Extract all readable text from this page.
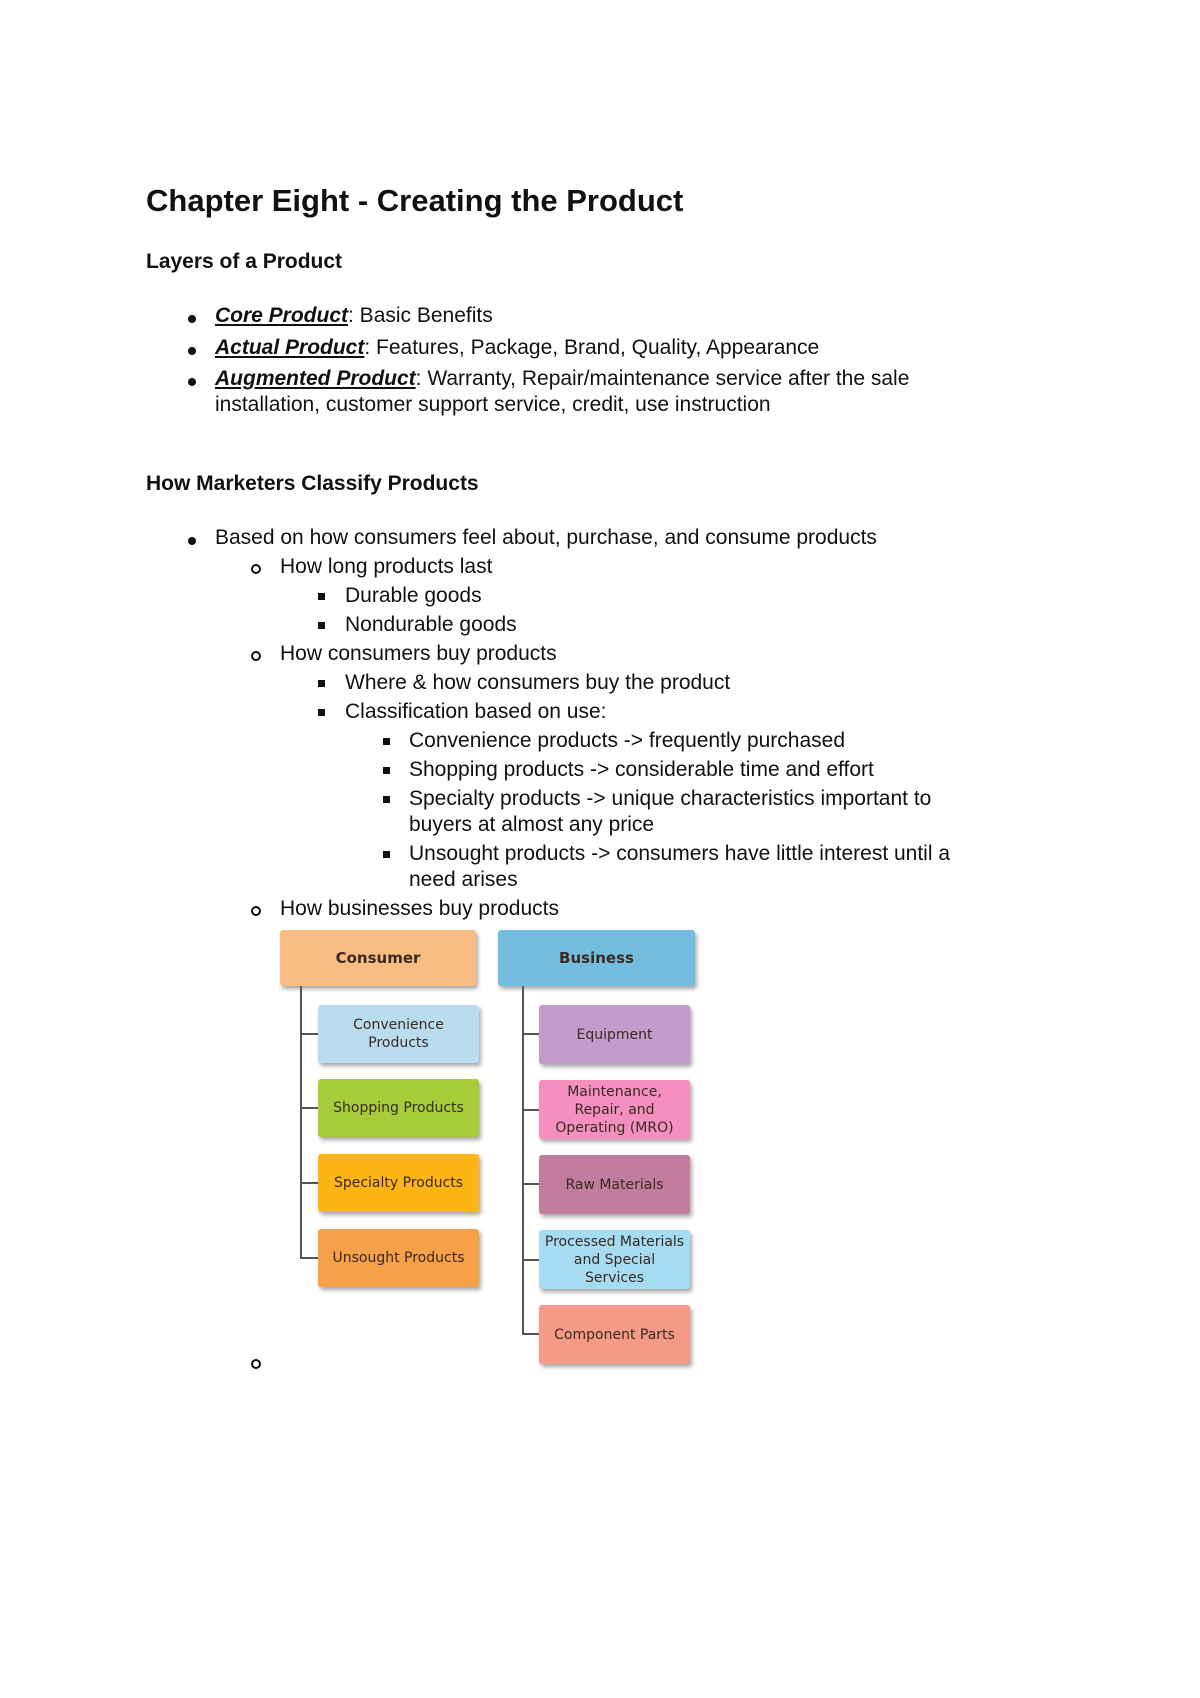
Chapter Eight - Creating the Product
Layers of a Product
Core Product: Basic Benefits
Actual Product: Features, Package, Brand, Quality, Appearance
Augmented Product: Warranty, Repair/maintenance service after the sale
installation, customer support service, credit, use instruction
How Marketers Classify Products
Based on how consumers feel about, purchase, and consume products
How long products last
Durable goods
Nondurable goods
How consumers buy products
Where & how consumers buy the product
Classification based on use:
Convenience products -> frequently purchased
Shopping products -> considerable time and effort
Specialty products -> unique characteristics important to
buyers at almost any price
Unsought products -> consumers have little interest until a
need arises
How businesses buy products
Consumer
Convenience Products
Shopping Products
Specialty Products
Unsought Products
Business
Equipment
Maintenance, Repair, and Operating (MRO)
Raw Materials
Processed Materials and Special Services
Component Parts
